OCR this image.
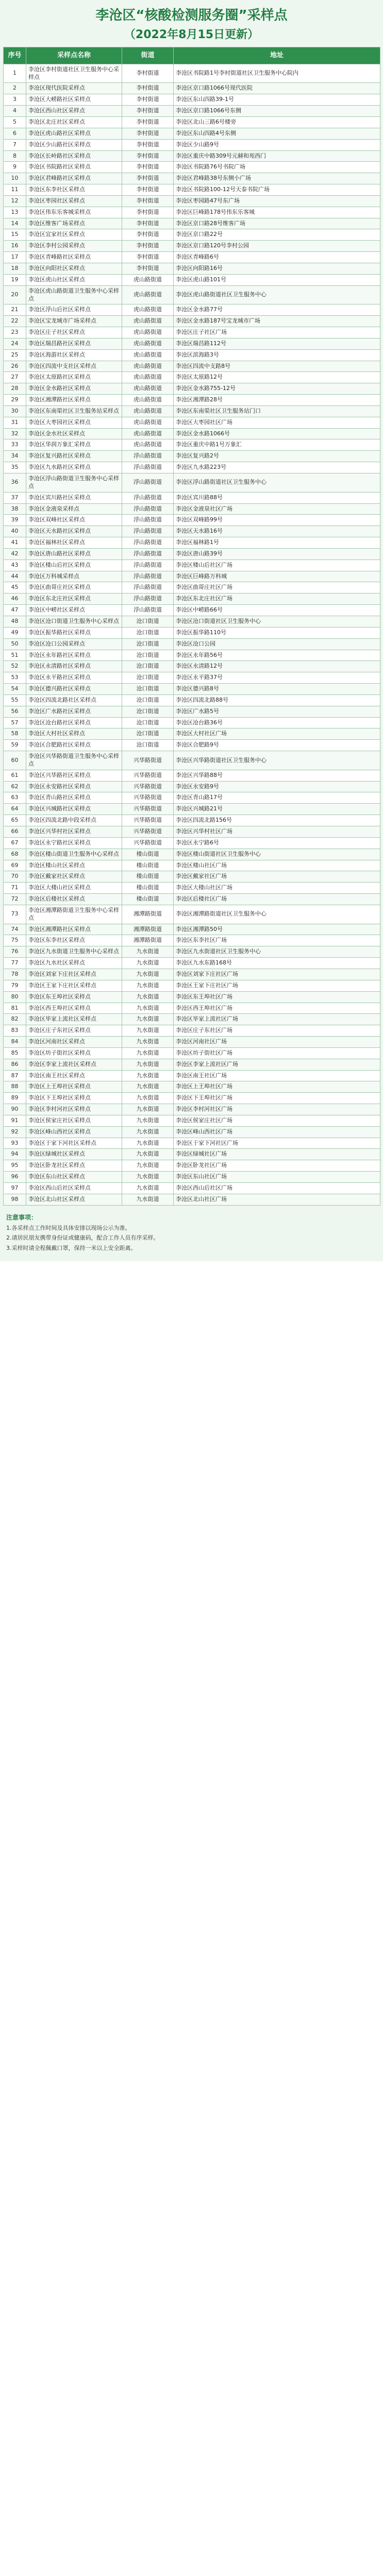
李沧区“核酸检测服务圈”采样点
（2022年8月15日更新）
序号	采样点名称	街道	地址
1	李沧区李村街道社区卫生服务中心采样点	李村街道	李沧区书院路1号李村街道社区卫生服务中心院内
2	李沧区现代医院采样点	李村街道	李沧区京口路1066号现代医院
3	李沧区大崂路社区采样点	李村街道	李沧区东山四路39-1号
4	李沧区西山社区采样点	李村街道	李沧区京口路1066号东侧
5	李沧区北庄社区采样点	李村街道	李沧区北山三路6号楼旁
6	李沧区虎山路社区采样点	李村街道	李沧区东山四路4号东侧
7	李沧区少山路社区采样点	李村街道	李沧区少山路9号
8	李沧区长岭路社区采样点	李村街道	李沧区重庆中路309号元赫和苑西门
9	李沧区书院路社区采样点	李村街道	李沧区书院路76号书院广场
10	李沧区君峰路社区采样点	李村街道	李沧区君峰路38号东侧小广场
11	李沧区东李社区采样点	李村街道	李沧区书院路100-12号天泰书院广场
12	李沧区枣园社区采样点	李村街道	李沧区枣园路47号东广场
13	李沧区伟东乐客城采样点	李村街道	李沧区巨峰路178号伟东乐客城
14	李沧区维客广场采样点	李村街道	李沧区京口路28号维客广场
15	李沧区宜家社区采样点	李村街道	李沧区京口路22号
16	李沧区李村公园采样点	李村街道	李沧区京口路120号李村公园
17	李沧区青峰路社区采样点	李村街道	李沧区青峰路6号
18	李沧区向阳社区采样点	李村街道	李沧区向阳路16号
19	李沧区虎山社区采样点	虎山路街道	李沧区虎山路101号
20	李沧区虎山路街道卫生服务中心采样点	虎山路街道	李沧区虎山路街道社区卫生服务中心
21	李沧区浮山后社区采样点	虎山路街道	李沧区金水路77号
22	李沧区宝龙城市广场采样点	虎山路街道	李沧区金水路187号宝龙城市广场
23	李沧区庄子社区采样点	虎山路街道	李沧区庄子社区广场
24	李沧区瑞昌路社区采样点	虎山路街道	李沧区瑞昌路112号
25	李沧区海游社区采样点	虎山路街道	李沧区滨海路3号
26	李沧区四流中支社区采样点	虎山路街道	李沧区四流中支路8号
27	李沧区太原路社区采样点	虎山路街道	李沧区太原路12号
28	李沧区金水路社区采样点	虎山路街道	李沧区金水路755-12号
29	李沧区湘潭路社区采样点	虎山路街道	李沧区湘潭路28号
30	李沧区东南渠社区卫生服务站采样点	虎山路街道	李沧区东南渠社区卫生服务站门口
31	李沧区大枣园社区采样点	虎山路街道	李沧区大枣园社区广场
32	李沧区金水社区采样点	虎山路街道	李沧区金水路1066号
33	李沧区华润万象汇采样点	虎山路街道	李沧区重庆中路1号万象汇
34	李沧区复兴路社区采样点	浮山路街道	李沧区复兴路2号
35	李沧区九水路社区采样点	浮山路街道	李沧区九水路223号
36	李沧区浮山路街道卫生服务中心采样点	浮山路街道	李沧区浮山路街道社区卫生服务中心
37	李沧区宾川路社区采样点	浮山路街道	李沧区宾川路88号
38	李沧区金液泉采样点	浮山路街道	李沧区金液泉社区广场
39	李沧区双峰社区采样点	浮山路街道	李沧区双峰路99号
40	李沧区天水路社区采样点	浮山路街道	李沧区天水路16号
41	李沧区福林社区采样点	浮山路街道	李沧区福林路1号
42	李沧区唐山路社区采样点	浮山路街道	李沧区唐山路39号
43	李沧区楼山后社区采样点	浮山路街道	李沧区楼山后社区广场
44	李沧区万科城采样点	浮山路街道	李沧区巨峰路万科城
45	李沧区曲哥庄社区采样点	浮山路街道	李沧区曲哥庄社区广场
46	李沧区东北庄社区采样点	浮山路街道	李沧区东北庄社区广场
47	李沧区中崂社区采样点	浮山路街道	李沧区中崂路66号
48	李沧区沧口街道卫生服务中心采样点	沧口街道	李沧区沧口街道社区卫生服务中心
49	李沧区振华路社区采样点	沧口街道	李沧区振华路110号
50	李沧区沧口公园采样点	沧口街道	李沧区沧口公园
51	李沧区永年路社区采样点	沧口街道	李沧区永年路56号
52	李沧区永清路社区采样点	沧口街道	李沧区永清路12号
53	李沧区永平路社区采样点	沧口街道	李沧区永平路37号
54	李沧区德兴路社区采样点	沧口街道	李沧区德兴路8号
55	李沧区四流北路社区采样点	沧口街道	李沧区四流北路88号
56	李沧区广水路社区采样点	沧口街道	李沧区广水路5号
57	李沧区沧台路社区采样点	沧口街道	李沧区沧台路36号
58	李沧区大村社区采样点	沧口街道	李沧区大村社区广场
59	李沧区合肥路社区采样点	沧口街道	李沧区合肥路9号
60	李沧区兴华路街道卫生服务中心采样点	兴华路街道	李沧区兴华路街道社区卫生服务中心
61	李沧区兴华路社区采样点	兴华路街道	李沧区兴华路88号
62	李沧区永安路社区采样点	兴华路街道	李沧区永安路9号
63	李沧区青山路社区采样点	兴华路街道	李沧区青山路17号
64	李沧区兴城路社区采样点	兴华路街道	李沧区兴城路21号
65	李沧区四流北路中段采样点	兴华路街道	李沧区四流北路156号
66	李沧区兴华村社区采样点	兴华路街道	李沧区兴华村社区广场
67	李沧区永宁路社区采样点	兴华路街道	李沧区永宁路6号
68	李沧区楼山街道卫生服务中心采样点	楼山街道	李沧区楼山街道社区卫生服务中心
69	李沧区楼山社区采样点	楼山街道	李沧区楼山社区广场
70	李沧区戴家社区采样点	楼山街道	李沧区戴家社区广场
71	李沧区大楼山社区采样点	楼山街道	李沧区大楼山社区广场
72	李沧区后楼社区采样点	楼山街道	李沧区后楼社区广场
73	李沧区湘潭路街道卫生服务中心采样点	湘潭路街道	李沧区湘潭路街道社区卫生服务中心
74	李沧区湘潭路社区采样点	湘潭路街道	李沧区湘潭路50号
75	李沧区东李社区采样点	湘潭路街道	李沧区东李社区广场
76	李沧区九水街道卫生服务中心采样点	九水街道	李沧区九水街道社区卫生服务中心
77	李沧区九水社区采样点	九水街道	李沧区九水东路168号
78	李沧区刘家下庄社区采样点	九水街道	李沧区刘家下庄社区广场
79	李沧区王家下庄社区采样点	九水街道	李沧区王家下庄社区广场
80	李沧区东王埠社区采样点	九水街道	李沧区东王埠社区广场
81	李沧区西王埠社区采样点	九水街道	李沧区西王埠社区广场
82	李沧区毕家上流社区采样点	九水街道	李沧区毕家上流社区广场
83	李沧区庄子东社区采样点	九水街道	李沧区庄子东社区广场
84	李沧区河南社区采样点	九水街道	李沧区河南社区广场
85	李沧区坊子街社区采样点	九水街道	李沧区坊子街社区广场
86	李沧区李家上流社区采样点	九水街道	李沧区李家上流社区广场
87	李沧区南王社区采样点	九水街道	李沧区南王社区广场
88	李沧区上王埠社区采样点	九水街道	李沧区上王埠社区广场
89	李沧区下王埠社区采样点	九水街道	李沧区下王埠社区广场
90	李沧区李村河社区采样点	九水街道	李沧区李村河社区广场
91	李沧区侯家庄社区采样点	九水街道	李沧区侯家庄社区广场
92	李沧区峰山西社区采样点	九水街道	李沧区峰山西社区广场
93	李沧区于家下河社区采样点	九水街道	李沧区于家下河社区广场
94	李沧区绿城社区采样点	九水街道	李沧区绿城社区广场
95	李沧区卧龙社区采样点	九水街道	李沧区卧龙社区广场
96	李沧区东山社区采样点	九水街道	李沧区东山社区广场
97	李沧区西山后社区采样点	九水街道	李沧区西山后社区广场
98	李沧区北山社区采样点	九水街道	李沧区北山社区广场
注意事项：

1.各采样点工作时间及具体安排以现场公示为准。

2.请居民朋友携带身份证或健康码，配合工作人员有序采样。

3.采样时请全程佩戴口罩，保持一米以上安全距离。
